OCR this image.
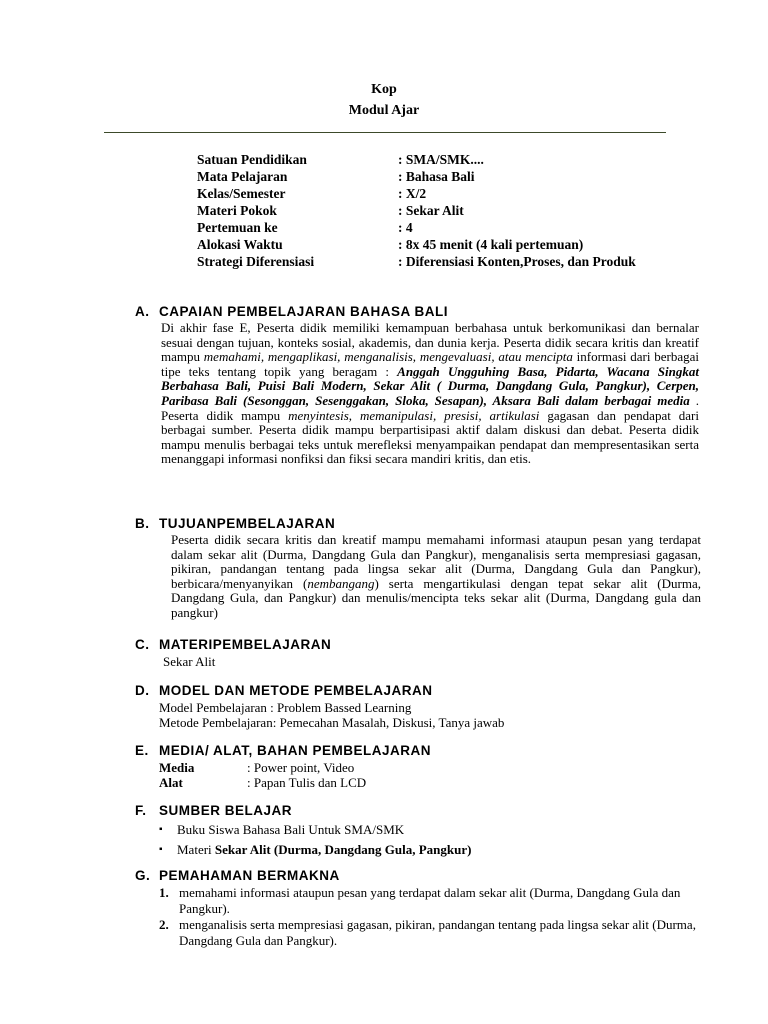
Kop
Modul Ajar
Satuan Pendidikan	: SMA/SMK....
Mata Pelajaran	: Bahasa Bali
Kelas/Semester	: X/2
Materi Pokok	: Sekar Alit
Pertemuan ke	: 4
Alokasi Waktu	: 8x 45 menit (4 kali pertemuan)
Strategi Diferensiasi	: Diferensiasi Konten,Proses, dan Produk
A. CAPAIAN PEMBELAJARAN BAHASA BALI
Di akhir fase E, Peserta didik memiliki kemampuan berbahasa untuk berkomunikasi dan bernalar sesuai dengan tujuan, konteks sosial, akademis, dan dunia kerja. Peserta didik secara kritis dan kreatif mampu memahami, mengaplikasi, menganalisis, mengevaluasi, atau mencipta informasi dari berbagai tipe teks tentang topik yang beragam : Anggah Ungguhing Basa, Pidarta, Wacana Singkat Berbahasa Bali, Puisi Bali Modern, Sekar Alit ( Durma, Dangdang Gula, Pangkur), Cerpen, Paribasa Bali (Sesonggan, Sesenggakan, Sloka, Sesapan), Aksara Bali dalam berbagai media . Peserta didik mampu menyintesis, memanipulasi, presisi, artikulasi gagasan dan pendapat dari berbagai sumber. Peserta didik mampu berpartisipasi aktif dalam diskusi dan debat. Peserta didik mampu menulis berbagai teks untuk merefleksi menyampaikan pendapat dan mempresentasikan serta menanggapi informasi nonfiksi dan fiksi secara mandiri kritis, dan etis.
B. TUJUANPEMBELAJARAN
Peserta didik secara kritis dan kreatif mampu memahami informasi ataupun pesan yang terdapat dalam sekar alit (Durma, Dangdang Gula dan Pangkur), menganalisis serta mempresiasi gagasan, pikiran, pandangan tentang pada lingsa sekar alit (Durma, Dangdang Gula dan Pangkur), berbicara/menyanyikan (nembangang) serta mengartikulasi dengan tepat sekar alit (Durma, Dangdang Gula, dan Pangkur) dan menulis/mencipta teks sekar alit (Durma, Dangdang gula dan pangkur)
C. MATERIPEMBELAJARAN
Sekar Alit
D. MODEL DAN METODE PEMBELAJARAN
Model Pembelajaran : Problem Bassed Learning
Metode Pembelajaran: Pemecahan Masalah, Diskusi, Tanya jawab
E. MEDIA/ ALAT, BAHAN PEMBELAJARAN
Media	: Power point, Video
Alat	: Papan Tulis dan LCD
F. SUMBER BELAJAR
▪ Buku Siswa Bahasa Bali Untuk SMA/SMK
▪ Materi Sekar Alit (Durma, Dangdang Gula, Pangkur)
G. PEMAHAMAN BERMAKNA
1. memahami informasi ataupun pesan yang terdapat dalam sekar alit (Durma, Dangdang Gula dan Pangkur).
2. menganalisis serta mempresiasi gagasan, pikiran, pandangan tentang pada lingsa sekar alit (Durma, Dangdang Gula dan Pangkur).
